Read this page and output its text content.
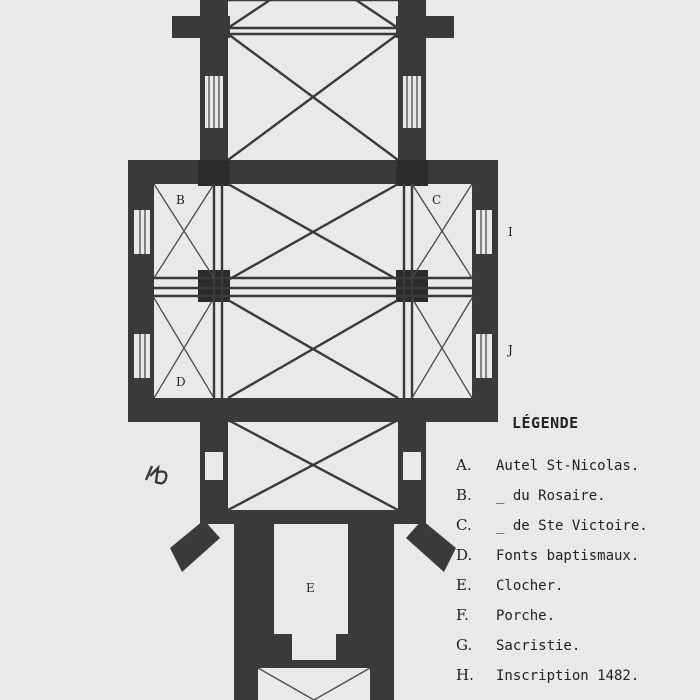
B	C
D
E
I
J
LÉGENDE
A. Autel St-Nicolas.
B. _ du Rosaire.
C. _ de Ste Victoire.
D. Fonts baptismaux.
E. Clocher.
F. Porche.
G. Sacristie.
H. Inscription 1482.
